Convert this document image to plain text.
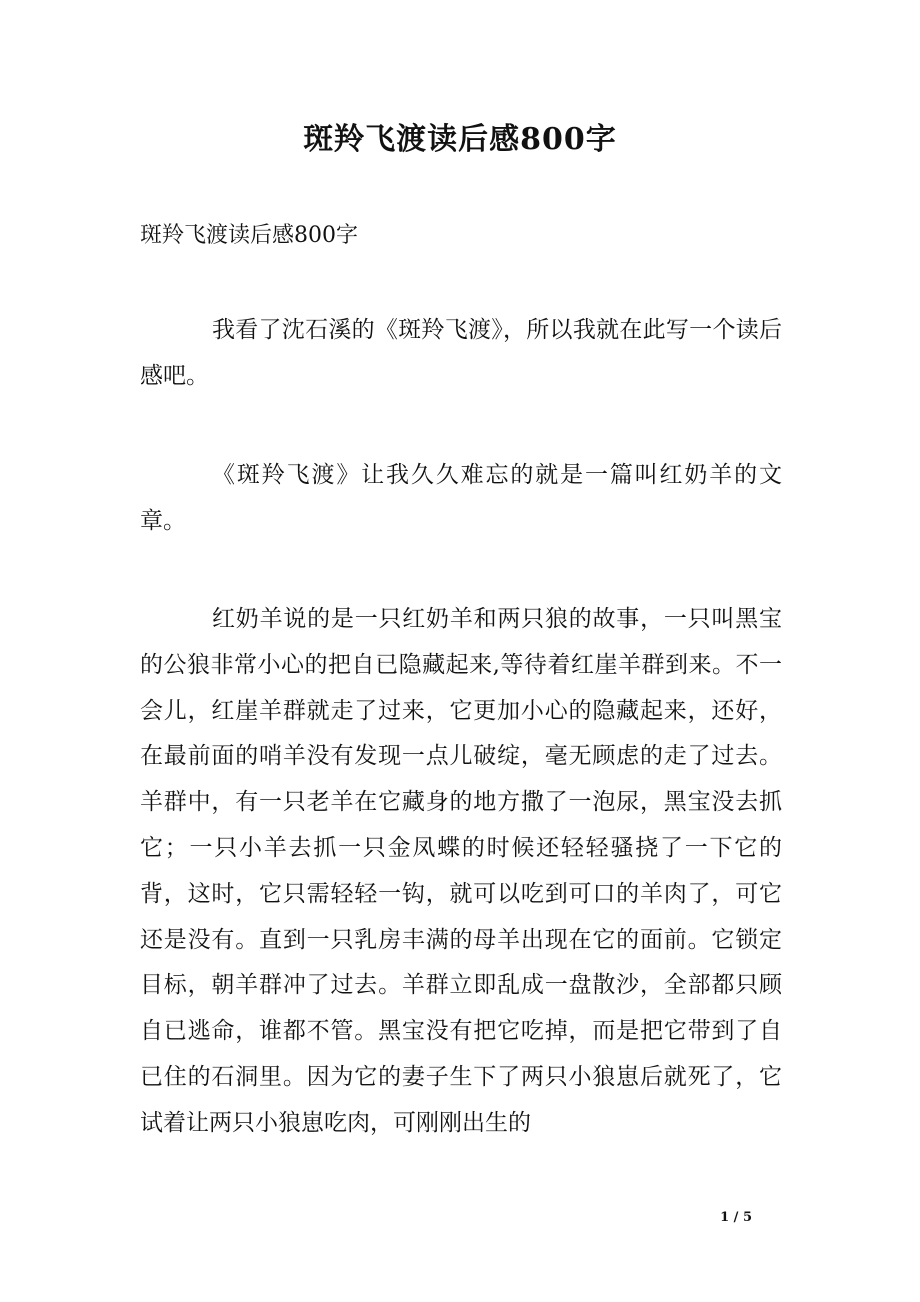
斑羚飞渡读后感800字
斑羚飞渡读后感800字
我看了沈石溪的《斑羚飞渡》，所以我就在此写一个读后感吧。
《斑羚飞渡》让我久久难忘的就是一篇叫红奶羊的文章。
红奶羊说的是一只红奶羊和两只狼的故事，一只叫黑宝的公狼非常小心的把自已隐藏起来,等待着红崖羊群到来。不一会儿，红崖羊群就走了过来，它更加小心的隐藏起来，还好，在最前面的哨羊没有发现一点儿破绽，毫无顾虑的走了过去。羊群中，有一只老羊在它藏身的地方撒了一泡尿，黑宝没去抓它；一只小羊去抓一只金凤蝶的时候还轻轻骚挠了一下它的背，这时，它只需轻轻一钩，就可以吃到可口的羊肉了，可它还是没有。直到一只乳房丰满的母羊出现在它的面前。它锁定目标，朝羊群冲了过去。羊群立即乱成一盘散沙，全部都只顾自已逃命，谁都不管。黑宝没有把它吃掉，而是把它带到了自已住的石洞里。因为它的妻子生下了两只小狼崽后就死了，它试着让两只小狼崽吃肉，可刚刚出生的
1 / 5
